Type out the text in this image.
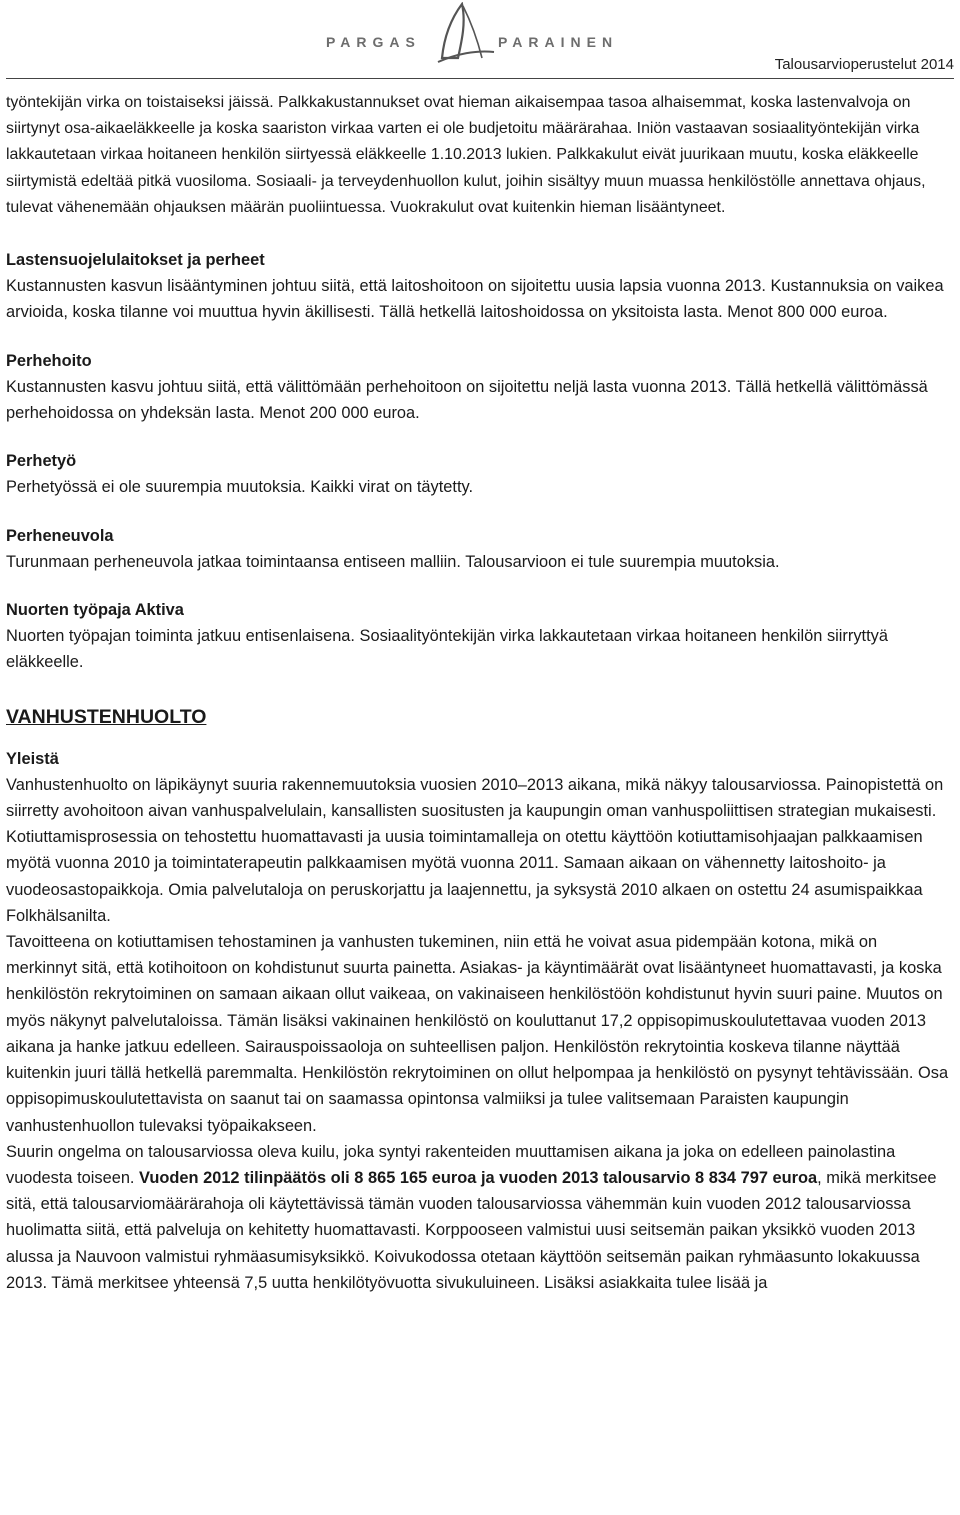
PARGAS	PARAINEN
Talousarvioperustelut 2014

työntekijän virka on toistaiseksi jäissä. Palkkakustannukset ovat hieman aikaisempaa tasoa alhaisemmat, koska lastenvalvoja on siirtynyt osa-aikaeläkkeelle ja koska saariston virkaa varten ei ole budjetoitu määrärahaa. Iniön vastaavan sosiaalityöntekijän virka lakkautetaan virkaa hoitaneen henkilön siirtyessä eläkkeelle 1.10.2013 lukien. Palkkakulut eivät juurikaan muutu, koska eläkkeelle siirtymistä edeltää pitkä vuosiloma. Sosiaali- ja terveydenhuollon kulut, joihin sisältyy muun muassa henkilöstölle annettava ohjaus, tulevat vähenemään ohjauksen määrän puoliintuessa. Vuokrakulut ovat kuitenkin hieman lisääntyneet.

Lastensuojelulaitokset ja perheet

Kustannusten kasvun lisääntyminen johtuu siitä, että laitoshoitoon on sijoitettu uusia lapsia vuonna 2013. Kustannuksia on vaikea arvioida, koska tilanne voi muuttua hyvin äkillisesti. Tällä hetkellä laitoshoidossa on yksitoista lasta. Menot 800 000 euroa.

Perhehoito

Kustannusten kasvu johtuu siitä, että välittömään perhehoitoon on sijoitettu neljä lasta vuonna 2013. Tällä hetkellä välittömässä perhehoidossa on yhdeksän lasta. Menot 200 000 euroa.

Perhetyö

Perhetyössä ei ole suurempia muutoksia. Kaikki virat on täytetty.

Perheneuvola

Turunmaan perheneuvola jatkaa toimintaansa entiseen malliin. Talousarvioon ei tule suurempia muutoksia.

Nuorten työpaja Aktiva

Nuorten työpajan toiminta jatkuu entisenlaisena. Sosiaalityöntekijän virka lakkautetaan virkaa hoitaneen henkilön siirryttyä eläkkeelle.

VANHUSTENHUOLTO
Yleistä

Vanhustenhuolto on läpikäynyt suuria rakennemuutoksia vuosien 2010–2013 aikana, mikä näkyy talousarviossa. Painopistettä on siirretty avohoitoon aivan vanhuspalvelulain, kansallisten suositusten ja kaupungin oman vanhuspoliittisen strategian mukaisesti. Kotiuttamisprosessia on tehostettu huomattavasti ja uusia toimintamalleja on otettu käyttöön kotiuttamisohjaajan palkkaamisen myötä vuonna 2010 ja toimintaterapeutin palkkaamisen myötä vuonna 2011. Samaan aikaan on vähennetty laitoshoito- ja vuodeosastopaikkoja. Omia palvelutaloja on peruskorjattu ja laajennettu, ja syksystä 2010 alkaen on ostettu 24 asumispaikkaa Folkhälsanilta.

Tavoitteena on kotiuttamisen tehostaminen ja vanhusten tukeminen, niin että he voivat asua pidempään kotona, mikä on merkinnyt sitä, että kotihoitoon on kohdistunut suurta painetta. Asiakas- ja käyntimäärät ovat lisääntyneet huomattavasti, ja koska henkilöstön rekrytoiminen on samaan aikaan ollut vaikeaa, on vakinaiseen henkilöstöön kohdistunut hyvin suuri paine. Muutos on myös näkynyt palvelutaloissa. Tämän lisäksi vakinainen henkilöstö on kouluttanut 17,2 oppisopimuskoulutettavaa vuoden 2013 aikana ja hanke jatkuu edelleen. Sairauspoissaoloja on suhteellisen paljon. Henkilöstön rekrytointia koskeva tilanne näyttää kuitenkin juuri tällä hetkellä paremmalta. Henkilöstön rekrytoiminen on ollut helpompaa ja henkilöstö on pysynyt tehtävissään. Osa oppisopimuskoulutettavista on saanut tai on saamassa opintonsa valmiiksi ja tulee valitsemaan Paraisten kaupungin vanhustenhuollon tulevaksi työpaikakseen.

Suurin ongelma on talousarviossa oleva kuilu, joka syntyi rakenteiden muuttamisen aikana ja joka on edelleen painolastina vuodesta toiseen. Vuoden 2012 tilinpäätös oli 8 865 165 euroa ja vuoden 2013 talousarvio 8 834 797 euroa, mikä merkitsee sitä, että talousarviomäärärahoja oli käytettävissä tämän vuoden talousarviossa vähemmän kuin vuoden 2012 talousarviossa huolimatta siitä, että palveluja on kehitetty huomattavasti. Korppooseen valmistui uusi seitsemän paikan yksikkö vuoden 2013 alussa ja Nauvoon valmistui ryhmäasumisyksikkö. Koivukodossa otetaan käyttöön seitsemän paikan ryhmäasunto lokakuussa 2013. Tämä merkitsee yhteensä 7,5 uutta henkilötyövuotta sivukuluineen. Lisäksi asiakkaita tulee lisää ja
